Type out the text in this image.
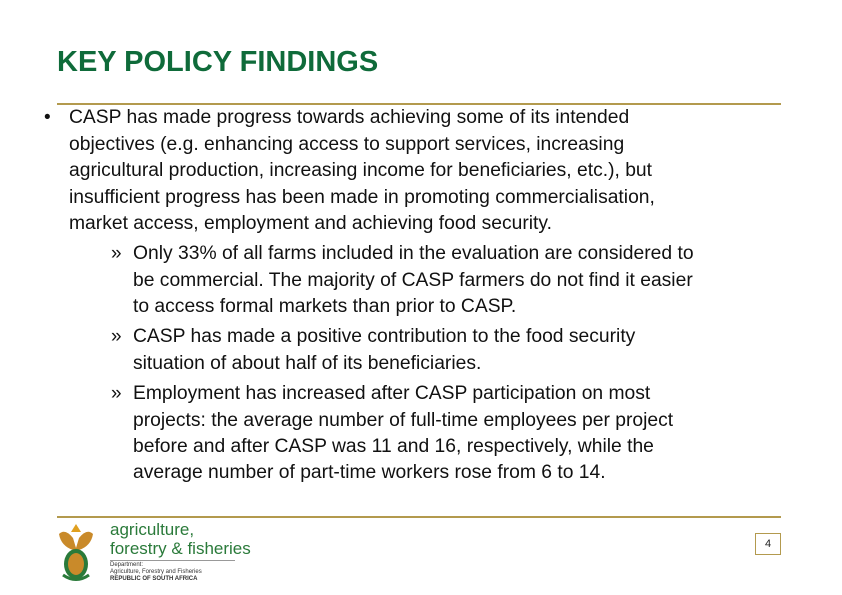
KEY POLICY FINDINGS
• CASP has made progress towards achieving some of its intended
objectives (e.g. enhancing access to support services, increasing
agricultural production, increasing income for beneficiaries, etc.), but
insufficient progress has been made in promoting commercialisation,
market access, employment and achieving food security.
» Only 33% of all farms included in the evaluation are considered to
be commercial. The majority of CASP farmers do not find it easier
to access formal markets than prior to CASP.
» CASP has made a positive contribution to the food security
situation of about half of its beneficiaries.
» Employment has increased after CASP participation on most
projects: the average number of full-time employees per project
before and after CASP was 11 and 16, respectively, while the
average number of part-time workers rose from 6 to 14.
agriculture,
forestry & fisheries
Department:
Agriculture, Forestry and Fisheries
REPUBLIC OF SOUTH AFRICA
4
